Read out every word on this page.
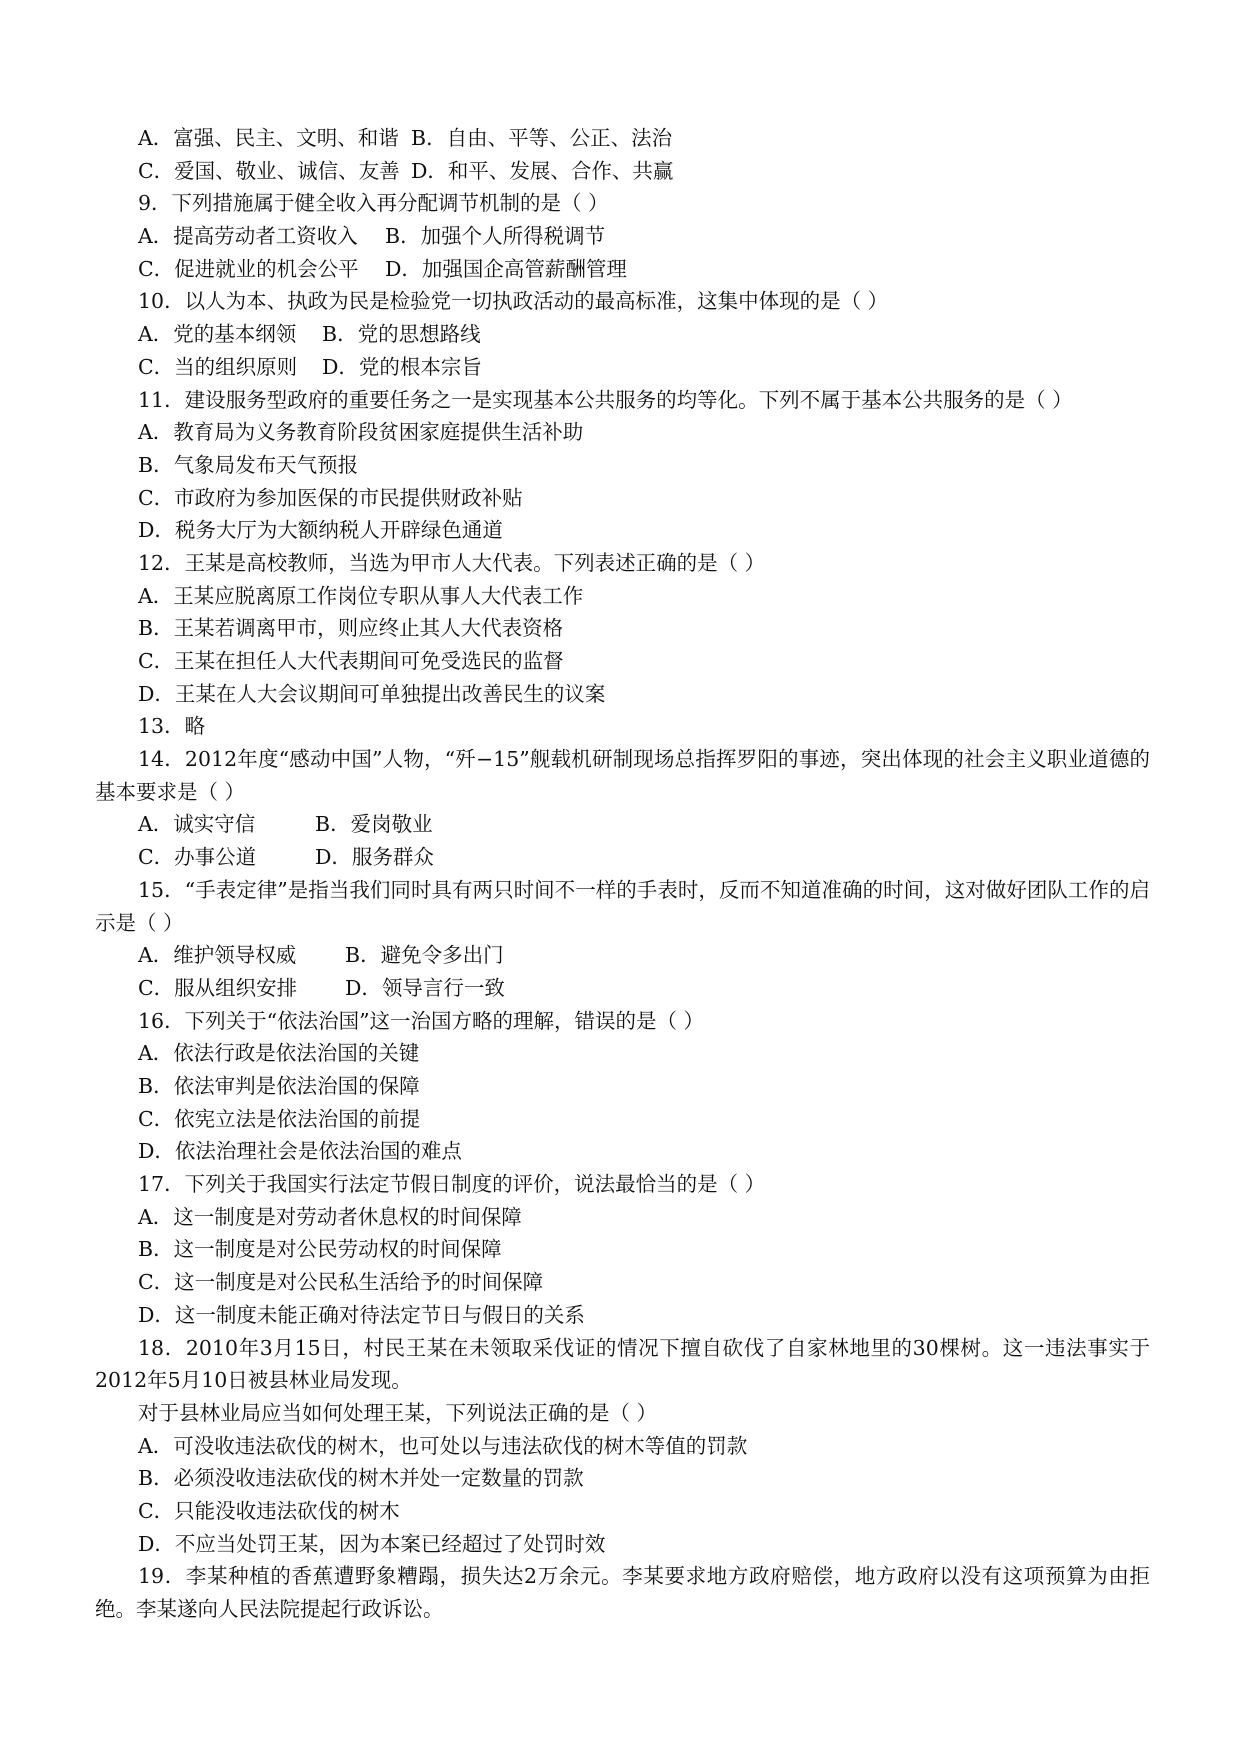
A．富强、民主、文明、和谐 B．自由、平等、公正、法治
C．爱国、敬业、诚信、友善 D．和平、发展、合作、共赢
9．下列措施属于健全收入再分配调节机制的是（ ）
A．提高劳动者工资收入 B．加强个人所得税调节
C．促进就业的机会公平 D．加强国企高管薪酬管理
10．以人为本、执政为民是检验党一切执政活动的最高标准，这集中体现的是（ ）
A．党的基本纲领 B．党的思想路线
C．当的组织原则 D．党的根本宗旨
11．建设服务型政府的重要任务之一是实现基本公共服务的均等化。下列不属于基本公共服务的是（ ）
A．教育局为义务教育阶段贫困家庭提供生活补助
B．气象局发布天气预报
C．市政府为参加医保的市民提供财政补贴
D．税务大厅为大额纳税人开辟绿色通道
12．王某是高校教师，当选为甲市人大代表。下列表述正确的是（ ）
A．王某应脱离原工作岗位专职从事人大代表工作
B．王某若调离甲市，则应终止其人大代表资格
C．王某在担任人大代表期间可免受选民的监督
D．王某在人大会议期间可单独提出改善民生的议案
13．略
14．2012年度“感动中国”人物，“歼−15”舰载机研制现场总指挥罗阳的事迹，突出体现的社会主义职业道德的基本要求是（ ）
A．诚实守信	B．爱岗敬业
C．办事公道	D．服务群众
15．“手表定律”是指当我们同时具有两只时间不一样的手表时，反而不知道准确的时间，这对做好团队工作的启示是（ ）
A．维护领导权威 B．避免令多出门
C．服从组织安排 D．领导言行一致
16．下列关于“依法治国”这一治国方略的理解，错误的是（ ）
A．依法行政是依法治国的关键
B．依法审判是依法治国的保障
C．依宪立法是依法治国的前提
D．依法治理社会是依法治国的难点
17．下列关于我国实行法定节假日制度的评价，说法最恰当的是（ ）
A．这一制度是对劳动者休息权的时间保障
B．这一制度是对公民劳动权的时间保障
C．这一制度是对公民私生活给予的时间保障
D．这一制度未能正确对待法定节日与假日的关系
18．2010年3月15日，村民王某在未领取采伐证的情况下擅自砍伐了自家林地里的30棵树。这一违法事实于2012年5月10日被县林业局发现。
对于县林业局应当如何处理王某，下列说法正确的是（ ）
A．可没收违法砍伐的树木，也可处以与违法砍伐的树木等值的罚款
B．必须没收违法砍伐的树木并处一定数量的罚款
C．只能没收违法砍伐的树木
D．不应当处罚王某，因为本案已经超过了处罚时效
19．李某种植的香蕉遭野象糟蹋，损失达2万余元。李某要求地方政府赔偿，地方政府以没有这项预算为由拒绝。李某遂向人民法院提起行政诉讼。
